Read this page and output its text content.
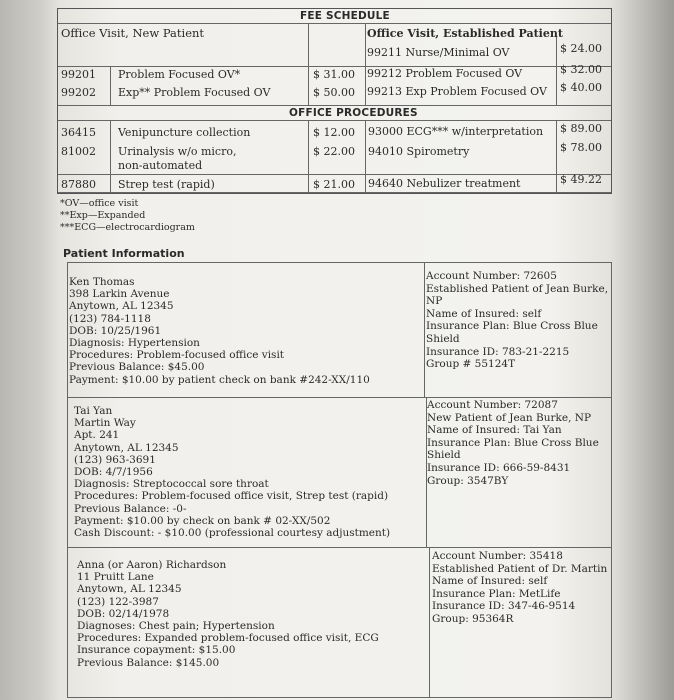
FEE SCHEDULE
Office Visit, New Patient	Office Visit, Established Patient
99211 Nurse/Minimal OV	$ 24.00
99212 Problem Focused OV	$ 32.00
99213 Exp Problem Focused OV $ 40.00
99201 Problem Focused OV*	$ 31.00
99202 Exp** Problem Focused OV	$ 50.00
OFFICE PROCEDURES
36415 Venipuncture collection	$ 12.00
81002 Urinalysis w/o micro,
non-automated
$ 22.00
87880 Strep test (rapid)	$ 21.00
93000 ECG*** w/interpretation $ 89.00
94010 Spirometry	$ 78.00
94640 Nebulizer treatment	$ 49.22
*OV—office visit
**Exp—Expanded
***ECG—electrocardiogram
Patient Information
Ken Thomas
398 Larkin Avenue
Anytown, AL 12345
(123) 784-1118
DOB: 10/25/1961
Diagnosis: Hypertension
Procedures: Problem-focused office visit
Previous Balance: $45.00
Payment: $10.00 by patient check on bank #242-XX/110
Account Number: 72605
Established Patient of Jean Burke,
NP
Name of Insured: self
Insurance Plan: Blue Cross Blue
Shield
Insurance ID: 783-21-2215
Group # 55124T
Tai Yan
Martin Way
Apt. 241
Anytown, AL 12345
(123) 963-3691
DOB: 4/7/1956
Diagnosis: Streptococcal sore throat
Procedures: Problem-focused office visit, Strep test (rapid)
Previous Balance: -0-
Payment: $10.00 by check on bank # 02-XX/502
Cash Discount: - $10.00 (professional courtesy adjustment)
Account Number: 72087
New Patient of Jean Burke, NP
Name of Insured: Tai Yan
Insurance Plan: Blue Cross Blue
Shield
Insurance ID: 666-59-8431
Group: 3547BY
Anna (or Aaron) Richardson
11 Pruitt Lane
Anytown, AL 12345
(123) 122-3987
DOB: 02/14/1978
Diagnoses: Chest pain; Hypertension
Procedures: Expanded problem-focused office visit, ECG
Insurance copayment: $15.00
Previous Balance: $145.00
Account Number: 35418
Established Patient of Dr. Martin
Name of Insured: self
Insurance Plan: MetLife
Insurance ID: 347-46-9514
Group: 95364R
